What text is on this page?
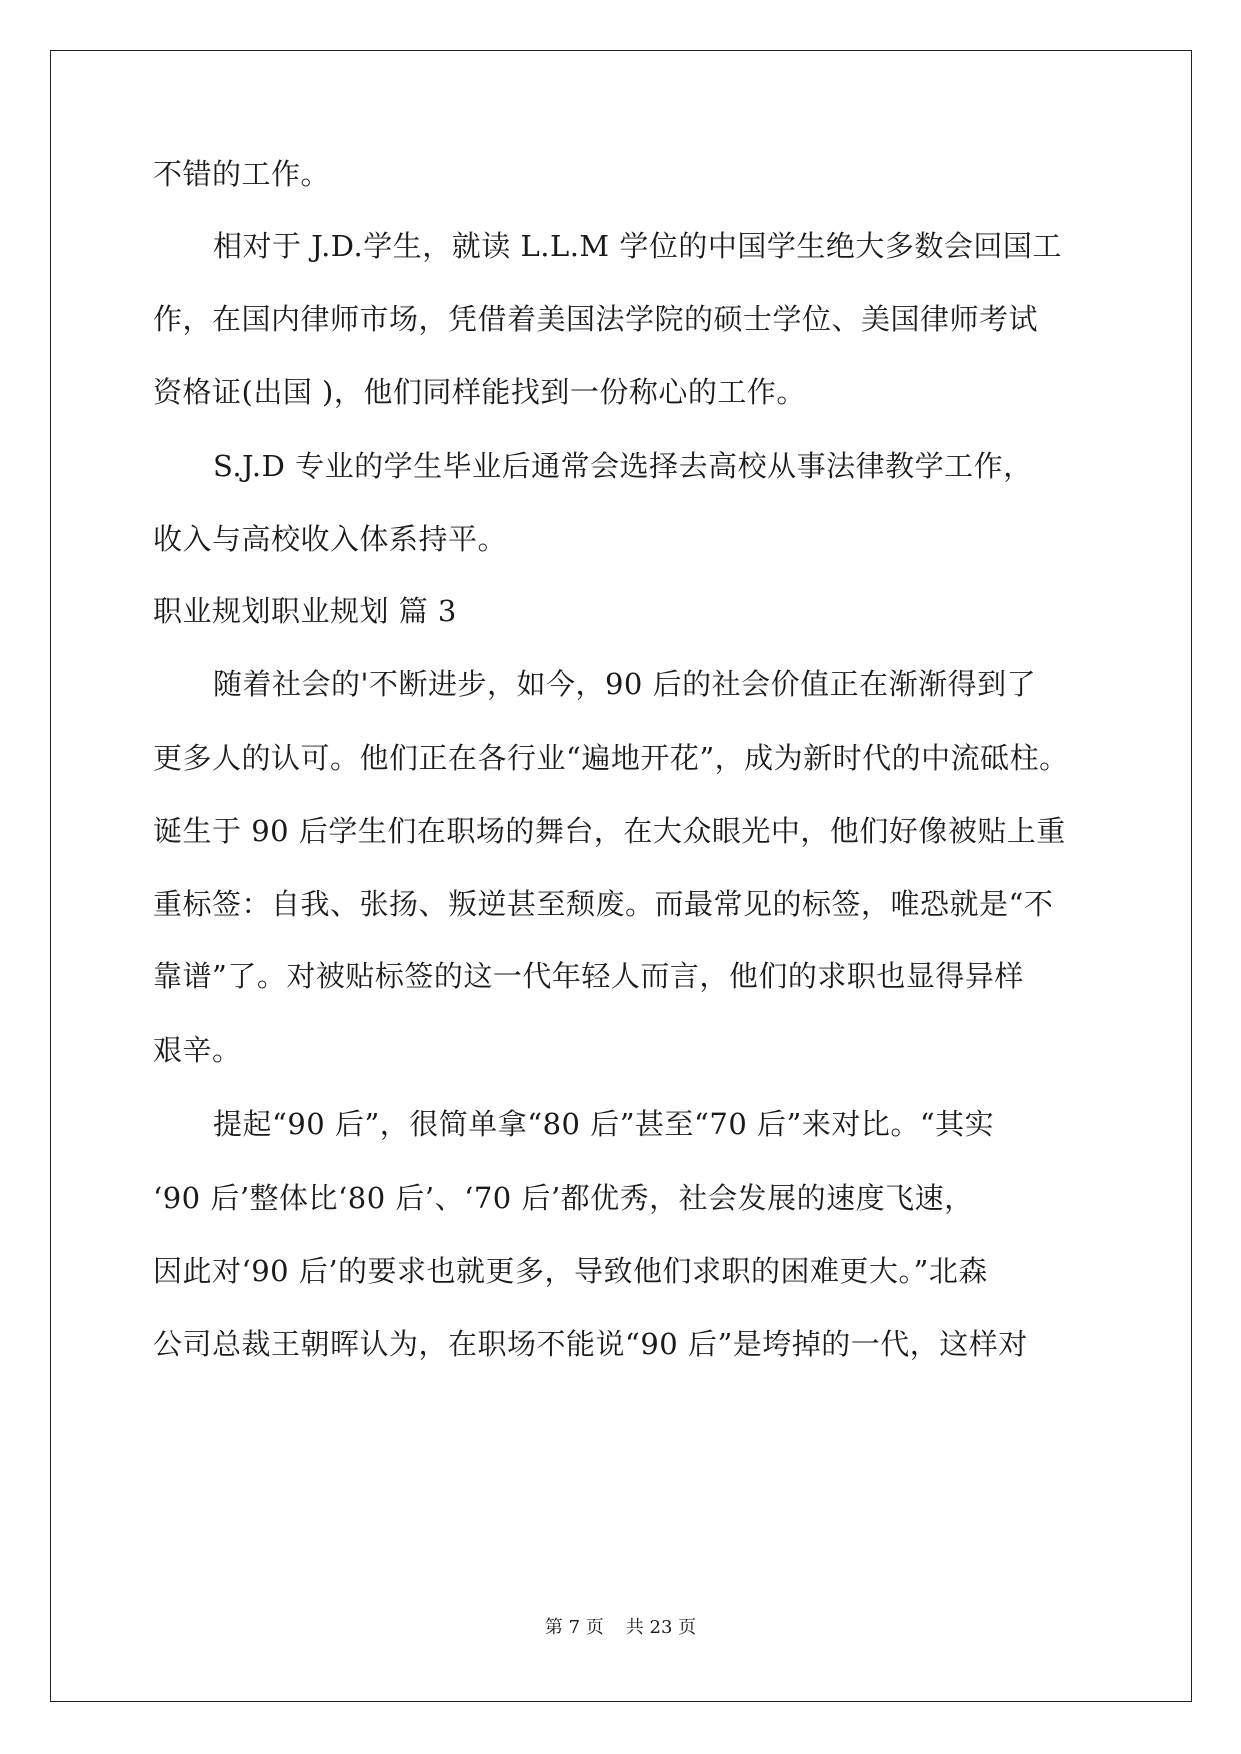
不错的工作。
相对于 J.D.学生，就读 L.L.M 学位的中国学生绝大多数会回国工
作，在国内律师市场，凭借着美国法学院的硕士学位、美国律师考试
资格证(出国 )，他们同样能找到一份称心的工作。
S.J.D 专业的学生毕业后通常会选择去高校从事法律教学工作，
收入与高校收入体系持平。
职业规划职业规划 篇 3
随着社会的'不断进步，如今，90 后的社会价值正在渐渐得到了
更多人的认可。他们正在各行业“遍地开花”，成为新时代的中流砥柱。
诞生于 90 后学生们在职场的舞台，在大众眼光中，他们好像被贴上重
重标签：自我、张扬、叛逆甚至颓废。而最常见的标签，唯恐就是“不
靠谱”了。对被贴标签的这一代年轻人而言，他们的求职也显得异样
艰辛。
提起“90 后”，很简单拿“80 后”甚至“70 后”来对比。“其实
‘90 后’整体比‘80 后’、‘70 后’都优秀，社会发展的速度飞速，
因此对‘90 后’的要求也就更多，导致他们求职的困难更大。”北森
公司总裁王朝晖认为，在职场不能说“90 后”是垮掉的一代，这样对
第 7 页 共 23 页
